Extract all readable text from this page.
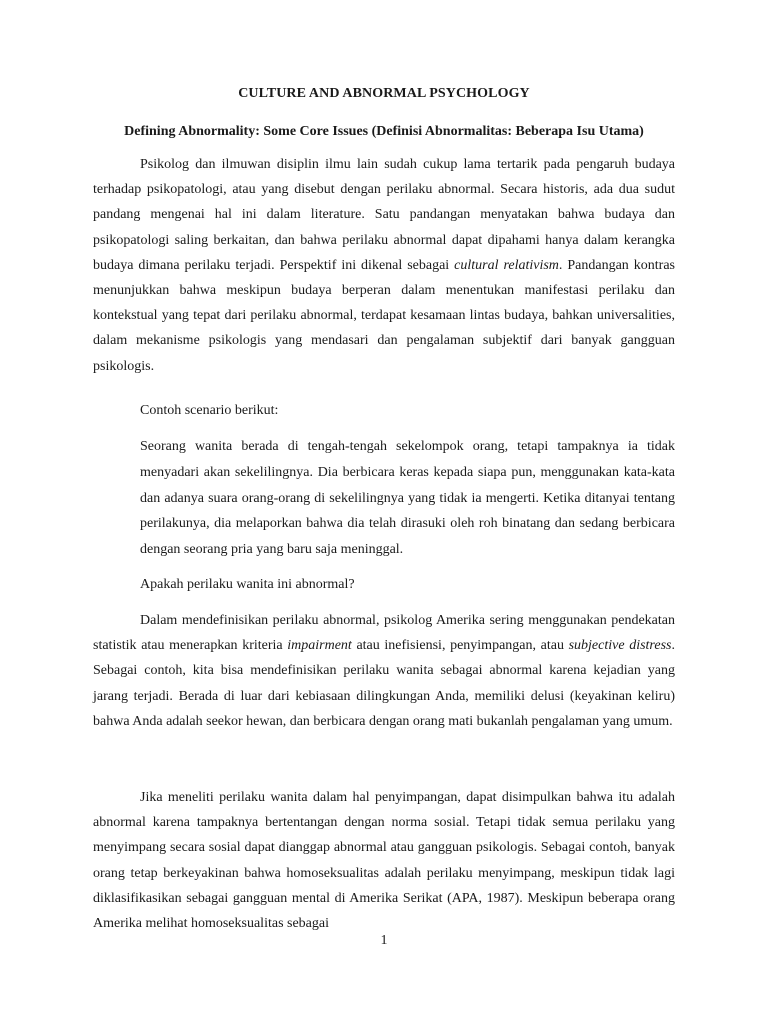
CULTURE AND ABNORMAL PSYCHOLOGY
Defining Abnormality: Some Core Issues (Definisi Abnormalitas: Beberapa Isu Utama)
Psikolog dan ilmuwan disiplin ilmu lain sudah cukup lama tertarik pada pengaruh budaya terhadap psikopatologi, atau yang disebut dengan perilaku abnormal. Secara historis, ada dua sudut pandang mengenai hal ini dalam literature. Satu pandangan menyatakan bahwa budaya dan psikopatologi saling berkaitan, dan bahwa perilaku abnormal dapat dipahami hanya dalam kerangka budaya dimana perilaku terjadi. Perspektif ini dikenal sebagai cultural relativism. Pandangan kontras menunjukkan bahwa meskipun budaya berperan dalam menentukan manifestasi perilaku dan kontekstual yang tepat dari perilaku abnormal, terdapat kesamaan lintas budaya, bahkan universalities, dalam mekanisme psikologis yang mendasari dan pengalaman subjektif dari banyak gangguan psikologis.
Contoh scenario berikut:
Seorang wanita berada di tengah-tengah sekelompok orang, tetapi tampaknya ia tidak menyadari akan sekelilingnya. Dia berbicara keras kepada siapa pun, menggunakan kata-kata dan adanya suara orang-orang di sekelilingnya yang tidak ia mengerti. Ketika ditanyai tentang perilakunya, dia melaporkan bahwa dia telah dirasuki oleh roh binatang dan sedang berbicara dengan seorang pria yang baru saja meninggal.
Apakah perilaku wanita ini abnormal?
Dalam mendefinisikan perilaku abnormal, psikolog Amerika sering menggunakan pendekatan statistik atau menerapkan kriteria impairment atau inefisiensi, penyimpangan, atau subjective distress. Sebagai contoh, kita bisa mendefinisikan perilaku wanita sebagai abnormal karena kejadian yang jarang terjadi. Berada di luar dari kebiasaan dilingkungan Anda, memiliki delusi (keyakinan keliru) bahwa Anda adalah seekor hewan, dan berbicara dengan orang mati bukanlah pengalaman yang umum.
Jika meneliti perilaku wanita dalam hal penyimpangan, dapat disimpulkan bahwa itu adalah abnormal karena tampaknya bertentangan dengan norma sosial. Tetapi tidak semua perilaku yang menyimpang secara sosial dapat dianggap abnormal atau gangguan psikologis. Sebagai contoh, banyak orang tetap berkeyakinan bahwa homoseksualitas adalah perilaku menyimpang, meskipun tidak lagi diklasifikasikan sebagai gangguan mental di Amerika Serikat (APA, 1987). Meskipun beberapa orang Amerika melihat homoseksualitas sebagai
1
